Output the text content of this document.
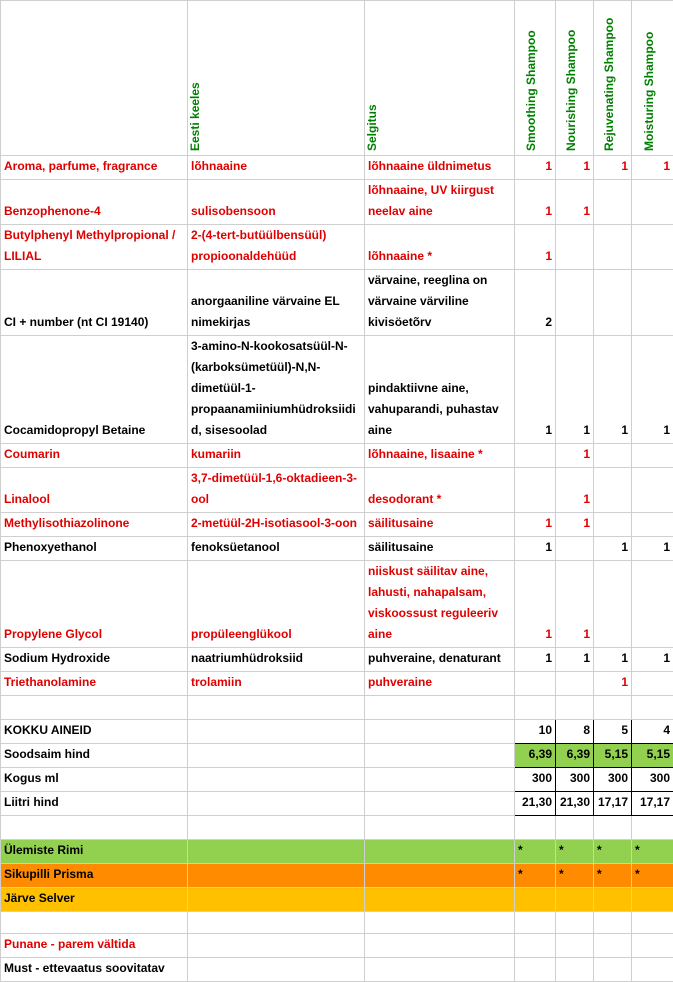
	Eesti keeles	Selgitus	Smoothing Shampoo	Nourishing Shampoo	Rejuvenating Shampoo	Moisturing Shampoo

Aroma, parfume, fragrance	lõhnaaine	lõhnaaine üldnimetus	1	1	1	1
Benzophenone-4	sulisobensoon	lõhnaaine, UV kiirgust neelav aine	1	1		
Butylphenyl Methylpropional / LILIAL	2-(4-tert-butüülbensüül) propioonaldehüüd	lõhnaaine *	1			
CI + number (nt CI 19140)	anorgaaniline värvaine EL nimekirjas	värvaine, reeglina on värvaine värviline kivisöetõrv	2			
Cocamidopropyl Betaine	3-amino-N-kookosatsüül-N-(karboksümetüül)-N,N-dimetüül-1-propaanamiiniumhüdroksiidid, sisesoolad	pindaktiivne aine, vahuparandi, puhastav aine	1	1	1	1
Coumarin	kumariin	lõhnaaine, lisaaine *		1		
Linalool	3,7-dimetüül-1,6-oktadieen-3-ool	desodorant *		1		
Methylisothiazolinone	2-metüül-2H-isotiasool-3-oon	säilitusaine	1	1		
Phenoxyethanol	fenoksüetanool	säilitusaine	1		1	1
Propylene Glycol	propüleenglükool	niiskust säilitav aine, lahusti, nahapalsam, viskoossust reguleeriv aine	1	1		
Sodium Hydroxide	naatriumhüdroksiid	puhveraine, denaturant	1	1	1	1
Triethanolamine	trolamiin	puhveraine			1	

KOKKU AINEID			10	8	5	4
Soodsaim hind			6,39	6,39	5,15	5,15
Kogus ml			300	300	300	300
Liitri hind			21,30	21,30	17,17	17,17

Ülemiste Rimi			*	*	*	*
Sikupilli Prisma			*	*	*	*
Järve Selver						

Punane - parem vältida						
Must - ettevaatus soovitatav						
